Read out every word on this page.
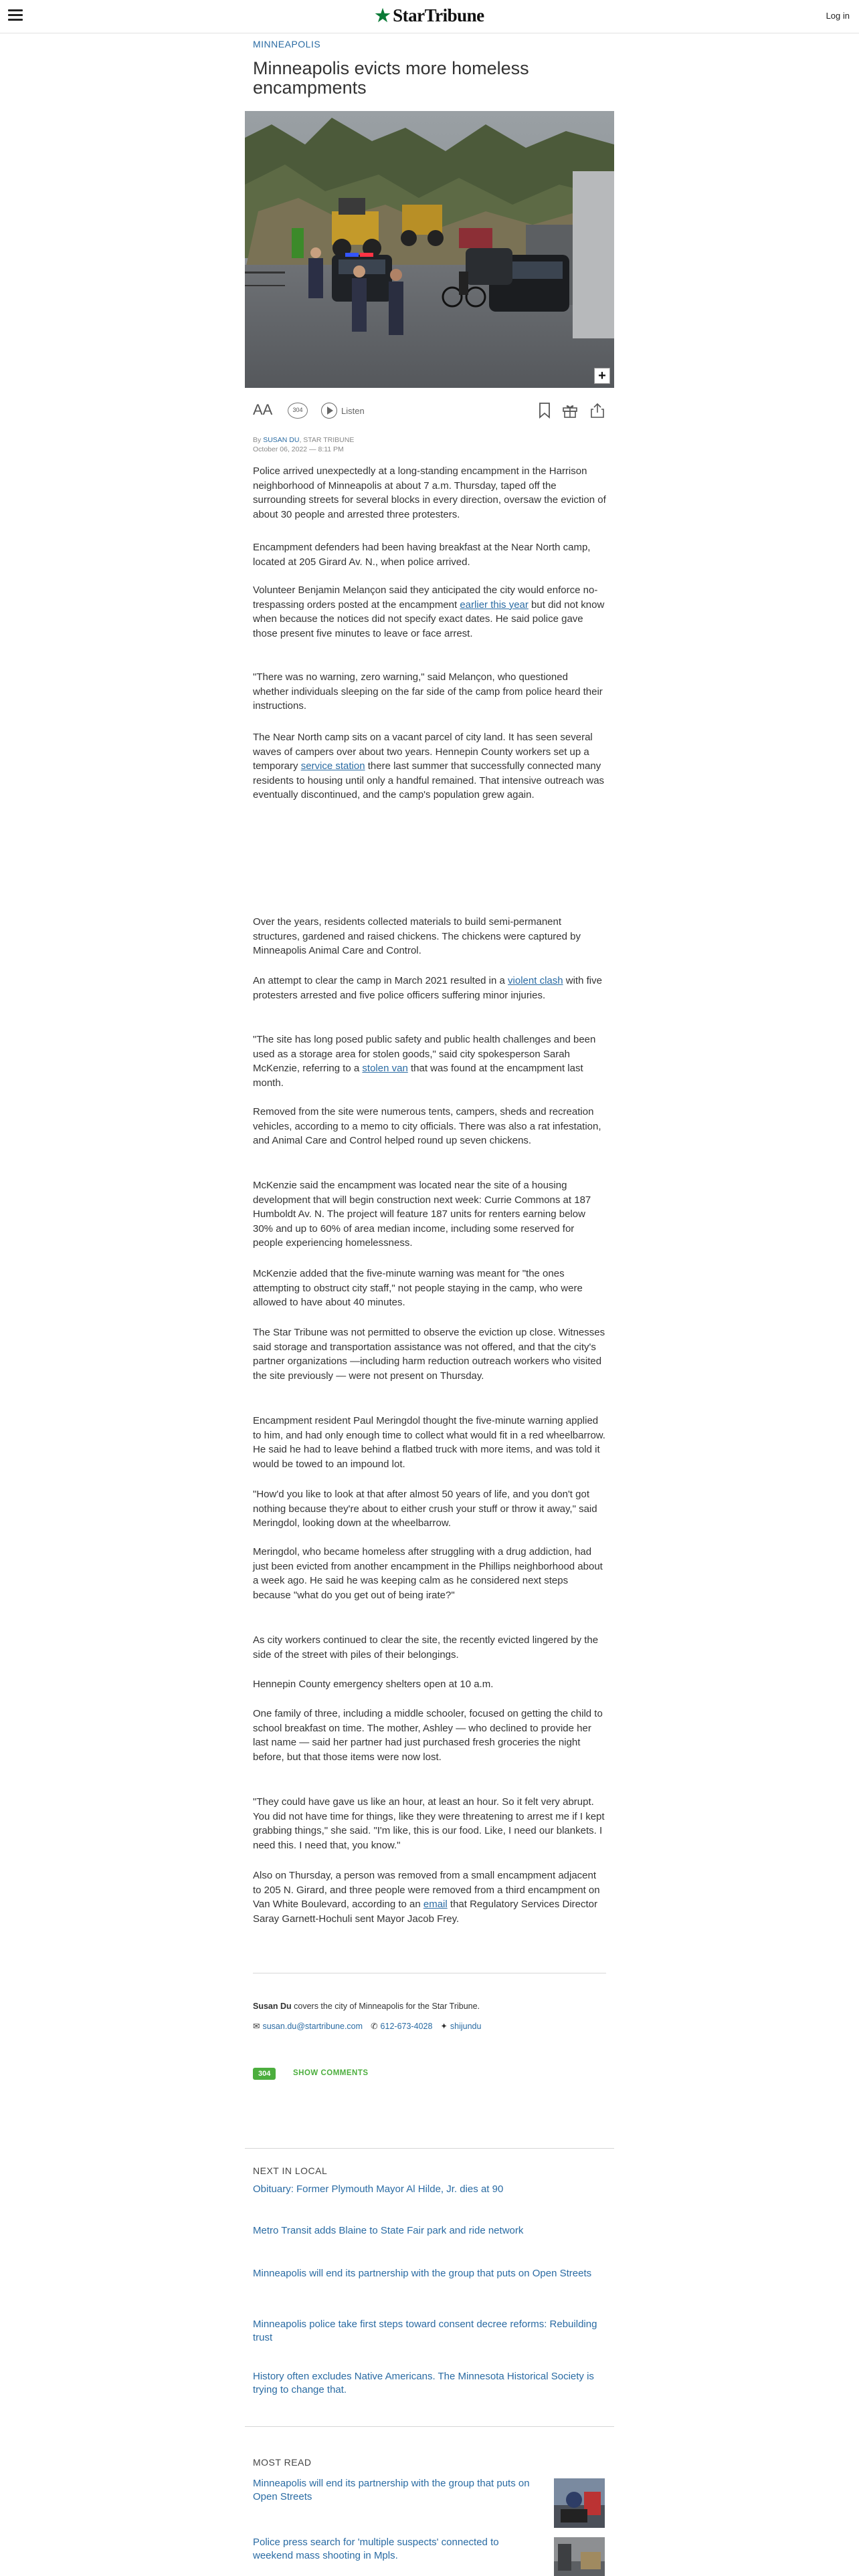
★ StarTribune	Log in
MINNEAPOLIS
Minneapolis evicts more homeless encampments
+
AA	304	Listen
By SUSAN DU, STAR TRIBUNE
October 06, 2022 — 8:11 PM

Police arrived unexpectedly at a long-standing encampment in the Harrison neighborhood of Minneapolis at about 7 a.m. Thursday, taped off the surrounding streets for several blocks in every direction, oversaw the eviction of about 30 people and arrested three protesters.

Encampment defenders had been having breakfast at the Near North camp, located at 205 Girard Av. N., when police arrived.

Volunteer Benjamin Melançon said they anticipated the city would enforce no-trespassing orders posted at the encampment earlier this year but did not know when because the notices did not specify exact dates. He said police gave those present five minutes to leave or face arrest.

"There was no warning, zero warning," said Melançon, who questioned whether individuals sleeping on the far side of the camp from police heard their instructions.

The Near North camp sits on a vacant parcel of city land. It has seen several waves of campers over about two years. Hennepin County workers set up a temporary service station there last summer that successfully connected many residents to housing until only a handful remained. That intensive outreach was eventually discontinued, and the camp's population grew again.

Over the years, residents collected materials to build semi-permanent structures, gardened and raised chickens. The chickens were captured by Minneapolis Animal Care and Control.

An attempt to clear the camp in March 2021 resulted in a violent clash with five protesters arrested and five police officers suffering minor injuries.

"The site has long posed public safety and public health challenges and been used as a storage area for stolen goods," said city spokesperson Sarah McKenzie, referring to a stolen van that was found at the encampment last month.

Removed from the site were numerous tents, campers, sheds and recreation vehicles, according to a memo to city officials. There was also a rat infestation, and Animal Care and Control helped round up seven chickens.

McKenzie said the encampment was located near the site of a housing development that will begin construction next week: Currie Commons at 187 Humboldt Av. N. The project will feature 187 units for renters earning below 30% and up to 60% of area median income, including some reserved for people experiencing homelessness.

McKenzie added that the five-minute warning was meant for "the ones attempting to obstruct city staff," not people staying in the camp, who were allowed to have about 40 minutes.

The Star Tribune was not permitted to observe the eviction up close. Witnesses said storage and transportation assistance was not offered, and that the city's partner organizations —including harm reduction outreach workers who visited the site previously — were not present on Thursday.

Encampment resident Paul Meringdol thought the five-minute warning applied to him, and had only enough time to collect what would fit in a red wheelbarrow. He said he had to leave behind a flatbed truck with more items, and was told it would be towed to an impound lot.

"How'd you like to look at that after almost 50 years of life, and you don't got nothing because they're about to either crush your stuff or throw it away," said Meringdol, looking down at the wheelbarrow.

Meringdol, who became homeless after struggling with a drug addiction, had just been evicted from another encampment in the Phillips neighborhood about a week ago. He said he was keeping calm as he considered next steps because "what do you get out of being irate?"

As city workers continued to clear the site, the recently evicted lingered by the side of the street with piles of their belongings.

Hennepin County emergency shelters open at 10 a.m.

One family of three, including a middle schooler, focused on getting the child to school breakfast on time. The mother, Ashley — who declined to provide her last name — said her partner had just purchased fresh groceries the night before, but that those items were now lost.

"They could have gave us like an hour, at least an hour. So it felt very abrupt. You did not have time for things, like they were threatening to arrest me if I kept grabbing things," she said. "I'm like, this is our food. Like, I need our blankets. I need this. I need that, you know."

Also on Thursday, a person was removed from a small encampment adjacent to 205 N. Girard, and three people were removed from a third encampment on Van White Boulevard, according to an email that Regulatory Services Director Saray Garnett-Hochuli sent Mayor Jacob Frey.

Susan Du covers the city of Minneapolis for the Star Tribune.
✉ susan.du@startribune.com ✆ 612-673-4028 ✦ shijundu
304	SHOW COMMENTS
NEXT IN LOCAL
Obituary: Former Plymouth Mayor Al Hilde, Jr. dies at 90
Metro Transit adds Blaine to State Fair park and ride network
Minneapolis will end its partnership with the group that puts on Open Streets
Minneapolis police take first steps toward consent decree reforms: Rebuilding trust
History often excludes Native Americans. The Minnesota Historical Society is trying to change that.
MOST READ
Minneapolis will end its partnership with the group that puts on Open Streets
Police press search for 'multiple suspects' connected to weekend mass shooting in Mpls.
